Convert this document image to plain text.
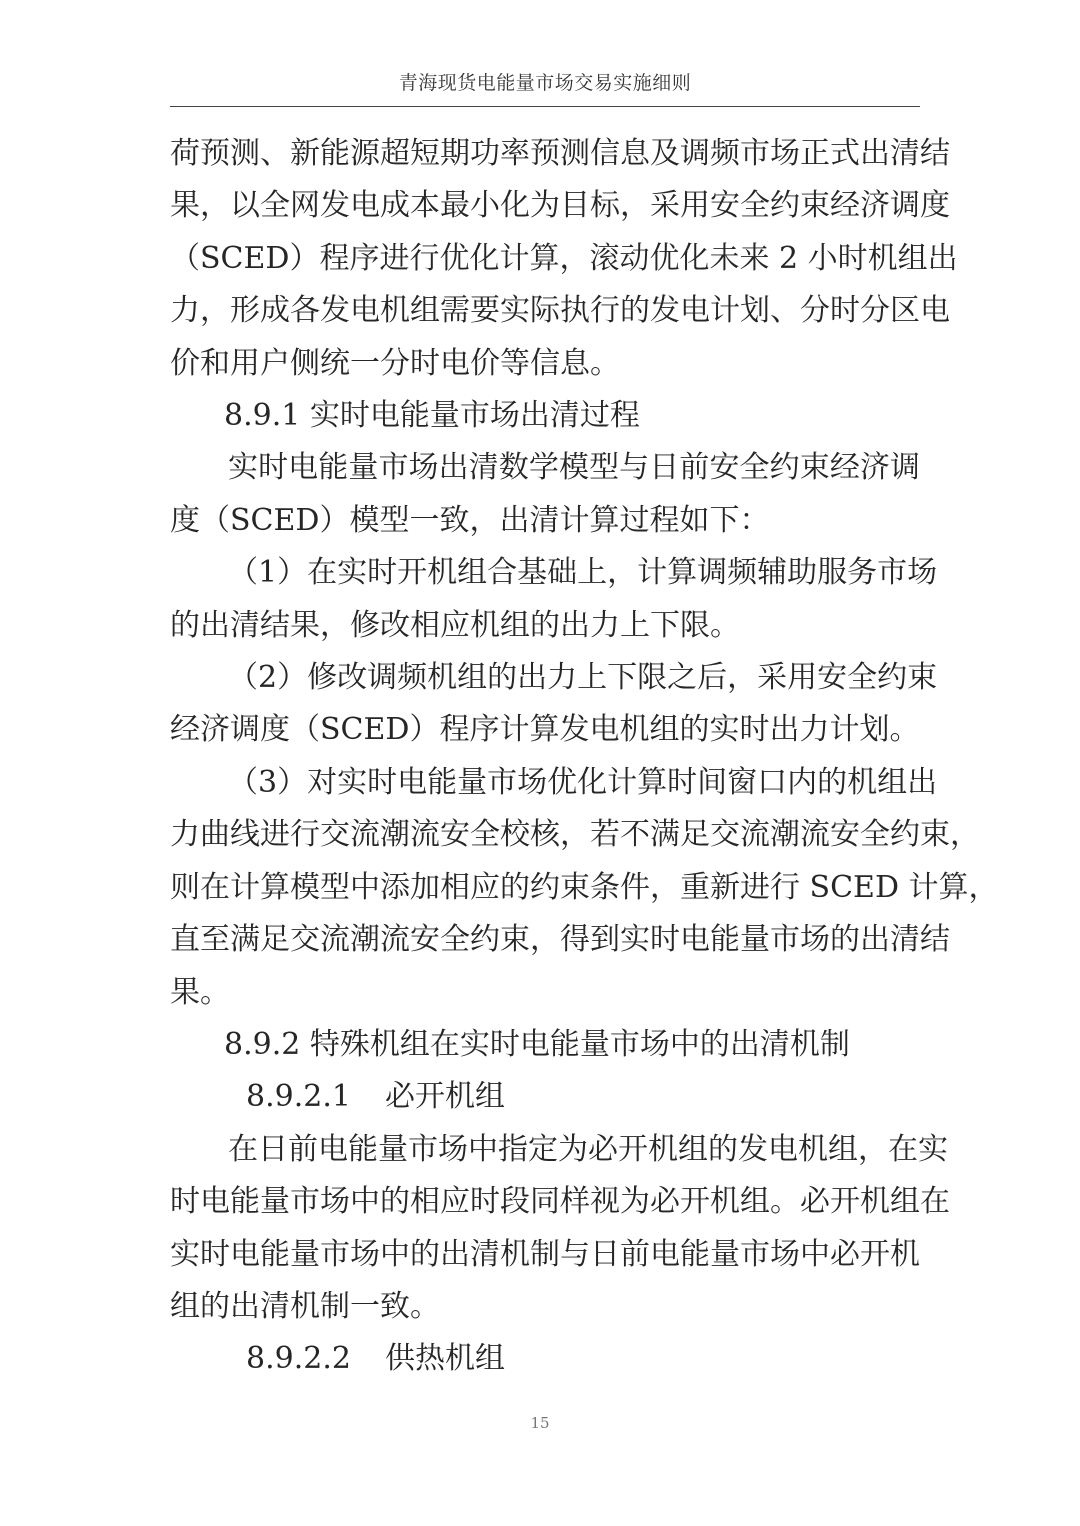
青海现货电能量市场交易实施细则
荷预测、新能源超短期功率预测信息及调频市场正式出清结
果，以全网发电成本最小化为目标，采用安全约束经济调度
（SCED）程序进行优化计算，滚动优化未来 2 小时机组出
力，形成各发电机组需要实际执行的发电计划、分时分区电
价和用户侧统一分时电价等信息。
8.9.1 实时电能量市场出清过程
实时电能量市场出清数学模型与日前安全约束经济调
度（SCED）模型一致，出清计算过程如下：
（1）在实时开机组合基础上，计算调频辅助服务市场
的出清结果，修改相应机组的出力上下限。
（2）修改调频机组的出力上下限之后，采用安全约束
经济调度（SCED）程序计算发电机组的实时出力计划。
（3）对实时电能量市场优化计算时间窗口内的机组出
力曲线进行交流潮流安全校核，若不满足交流潮流安全约束，
则在计算模型中添加相应的约束条件，重新进行 SCED 计算，
直至满足交流潮流安全约束，得到实时电能量市场的出清结
果。
8.9.2 特殊机组在实时电能量市场中的出清机制
8.9.2.1 必开机组
在日前电能量市场中指定为必开机组的发电机组，在实
时电能量市场中的相应时段同样视为必开机组。必开机组在
实时电能量市场中的出清机制与日前电能量市场中必开机
组的出清机制一致。
8.9.2.2 供热机组
15
